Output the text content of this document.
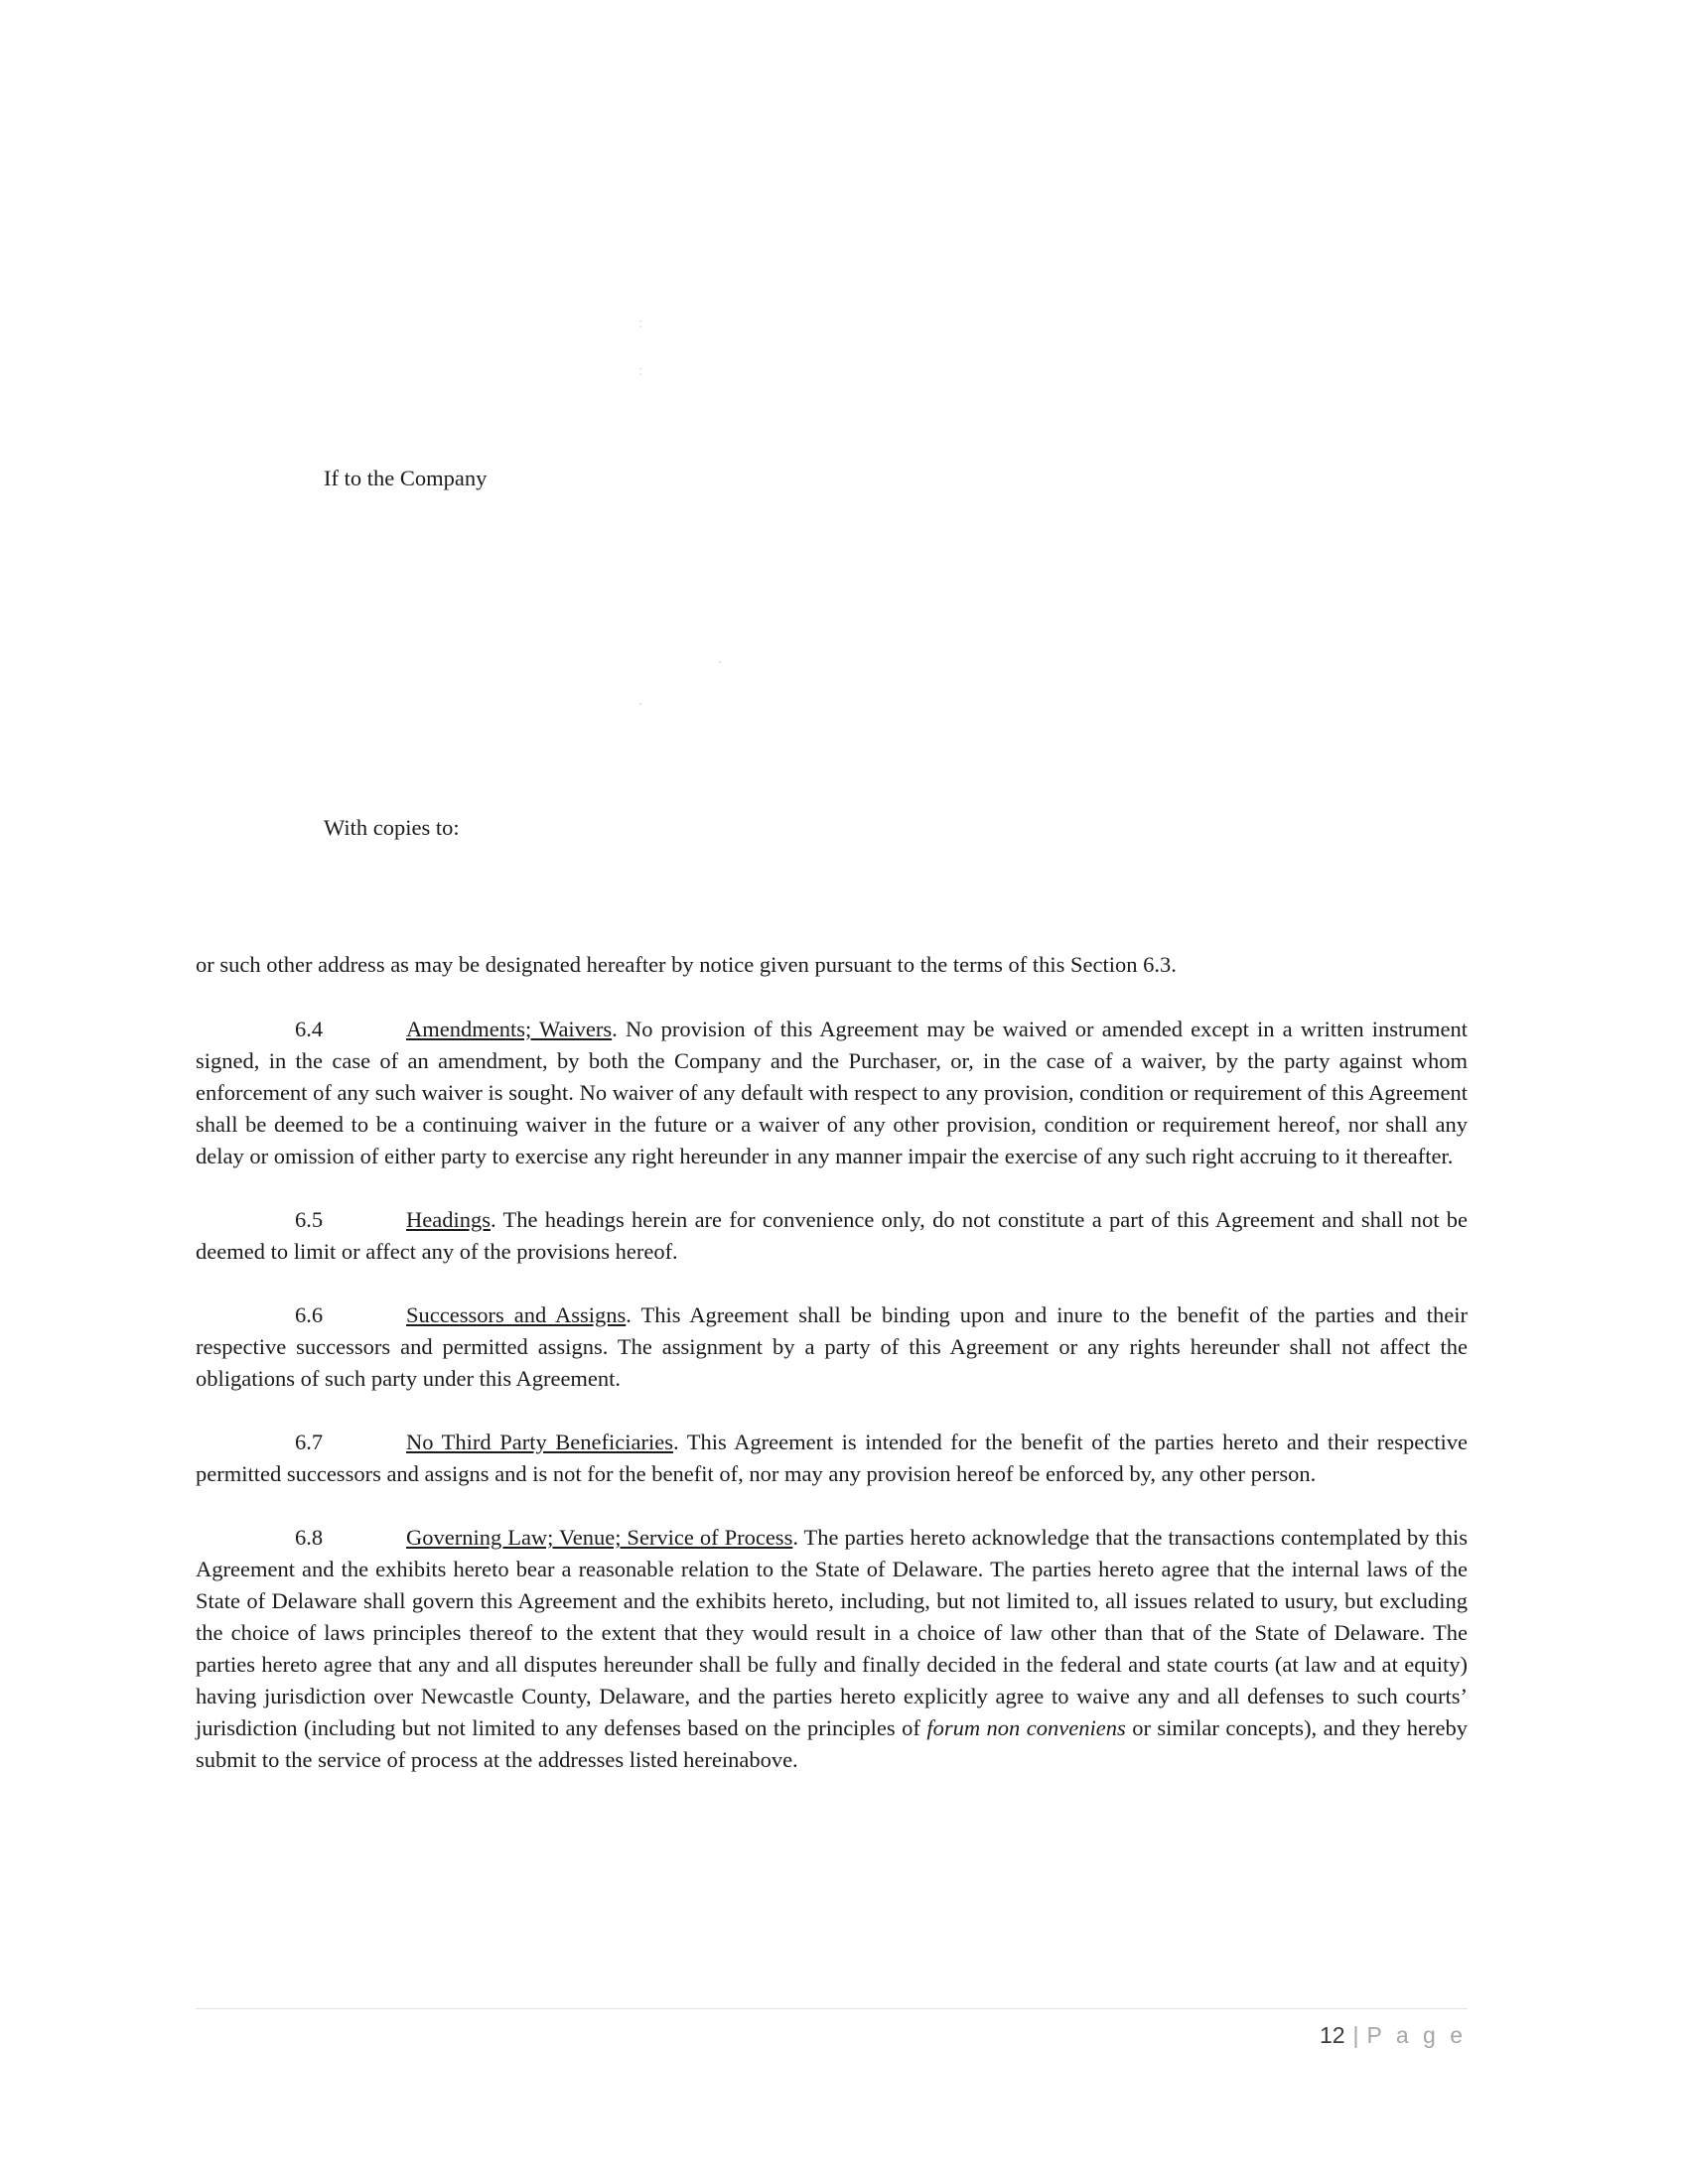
:
:
.
.
If to the Company
With copies to:

or such other address as may be designated hereafter by notice given pursuant to the terms of this Section 6.3.

6.4	Amendments; Waivers. No provision of this Agreement may be waived or amended except in a written instrument signed, in the case of an amendment, by both the Company and the Purchaser, or, in the case of a waiver, by the party against whom enforcement of any such waiver is sought. No waiver of any default with respect to any provision, condition or requirement of this Agreement shall be deemed to be a continuing waiver in the future or a waiver of any other provision, condition or requirement hereof, nor shall any delay or omission of either party to exercise any right hereunder in any manner impair the exercise of any such right accruing to it thereafter.

6.5	Headings. The headings herein are for convenience only, do not constitute a part of this Agreement and shall not be deemed to limit or affect any of the provisions hereof.

6.6	Successors and Assigns. This Agreement shall be binding upon and inure to the benefit of the parties and their respective successors and permitted assigns. The assignment by a party of this Agreement or any rights hereunder shall not affect the obligations of such party under this Agreement.

6.7	No Third Party Beneficiaries. This Agreement is intended for the benefit of the parties hereto and their respective permitted successors and assigns and is not for the benefit of, nor may any provision hereof be enforced by, any other person.

6.8	Governing Law; Venue; Service of Process. The parties hereto acknowledge that the transactions contemplated by this Agreement and the exhibits hereto bear a reasonable relation to the State of Delaware. The parties hereto agree that the internal laws of the State of Delaware shall govern this Agreement and the exhibits hereto, including, but not limited to, all issues related to usury, but excluding the choice of laws principles thereof to the extent that they would result in a choice of law other than that of the State of Delaware. The parties hereto agree that any and all disputes hereunder shall be fully and finally decided in the federal and state courts (at law and at equity) having jurisdiction over Newcastle County, Delaware, and the parties hereto explicitly agree to waive any and all defenses to such courts’ jurisdiction (including but not limited to any defenses based on the principles of forum non conveniens or similar concepts), and they hereby submit to the service of process at the addresses listed hereinabove.

12 | P a g e
